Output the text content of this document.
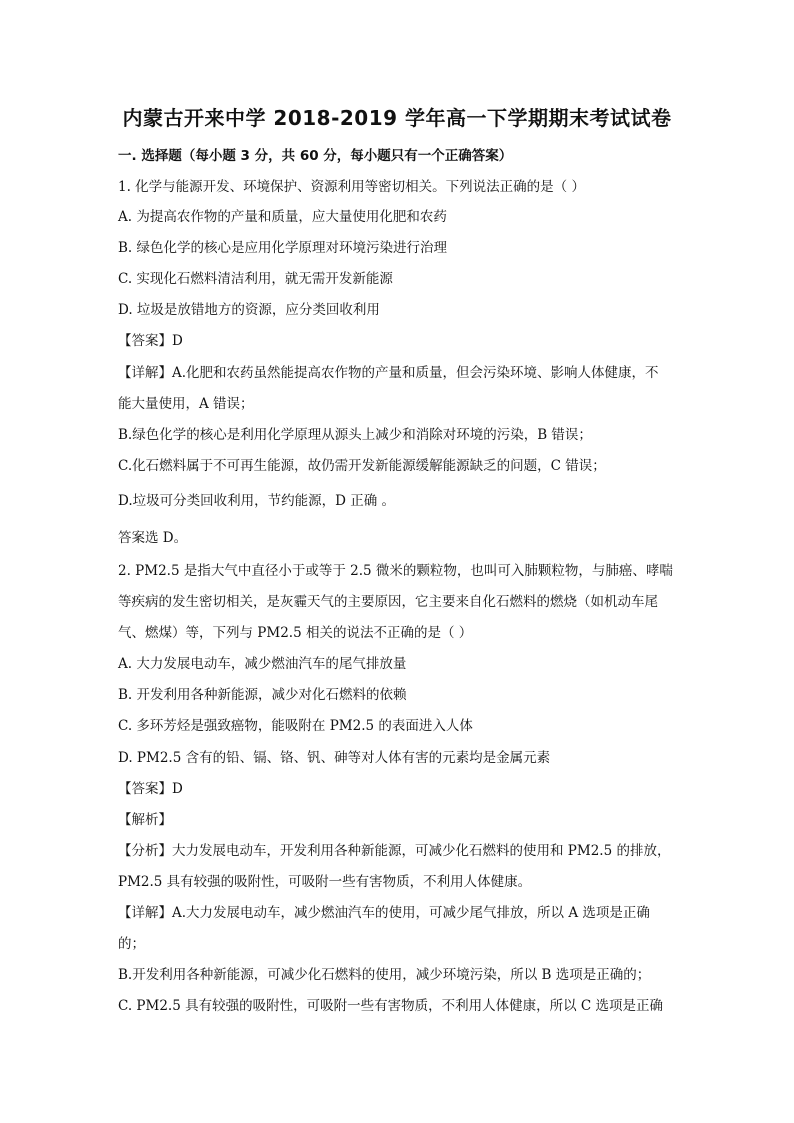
内蒙古开来中学 2018-2019 学年高一下学期期末考试试卷
一. 选择题（每小题 3 分，共 60 分，每小题只有一个正确答案）
1. 化学与能源开发、环境保护、资源利用等密切相关。下列说法正确的是（ ）
A. 为提高农作物的产量和质量，应大量使用化肥和农药
B. 绿色化学的核心是应用化学原理对环境污染进行治理
C. 实现化石燃料清洁利用，就无需开发新能源
D. 垃圾是放错地方的资源，应分类回收利用
【答案】D
【详解】A.化肥和农药虽然能提高农作物的产量和质量，但会污染环境、影响人体健康，不
能大量使用，A 错误；
B.绿色化学的核心是利用化学原理从源头上减少和消除对环境的污染，B 错误；
C.化石燃料属于不可再生能源，故仍需开发新能源缓解能源缺乏的问题，C 错误；
D.垃圾可分类回收利用，节约能源，D 正确 。
答案选 D。
2. PM2.5 是指大气中直径小于或等于 2.5 微米的颗粒物，也叫可入肺颗粒物，与肺癌、哮喘
等疾病的发生密切相关，是灰霾天气的主要原因，它主要来自化石燃料的燃烧（如机动车尾
气、燃煤）等，下列与 PM2.5 相关的说法不正确的是（ ）
A. 大力发展电动车，减少燃油汽车的尾气排放量
B. 开发利用各种新能源，减少对化石燃料的依赖
C. 多环芳烃是强致癌物，能吸附在 PM2.5 的表面进入人体
D. PM2.5 含有的铅、镉、铬、钒、砷等对人体有害的元素均是金属元素
【答案】D
【解析】
【分析】大力发展电动车，开发利用各种新能源，可减少化石燃料的使用和 PM2.5 的排放，
PM2.5 具有较强的吸附性，可吸附一些有害物质，不利用人体健康。
【详解】A.大力发展电动车，减少燃油汽车的使用，可减少尾气排放，所以 A 选项是正确
的；
B.开发利用各种新能源，可减少化石燃料的使用，减少环境污染，所以 B 选项是正确的；
C. PM2.5 具有较强的吸附性，可吸附一些有害物质，不利用人体健康，所以 C 选项是正确
